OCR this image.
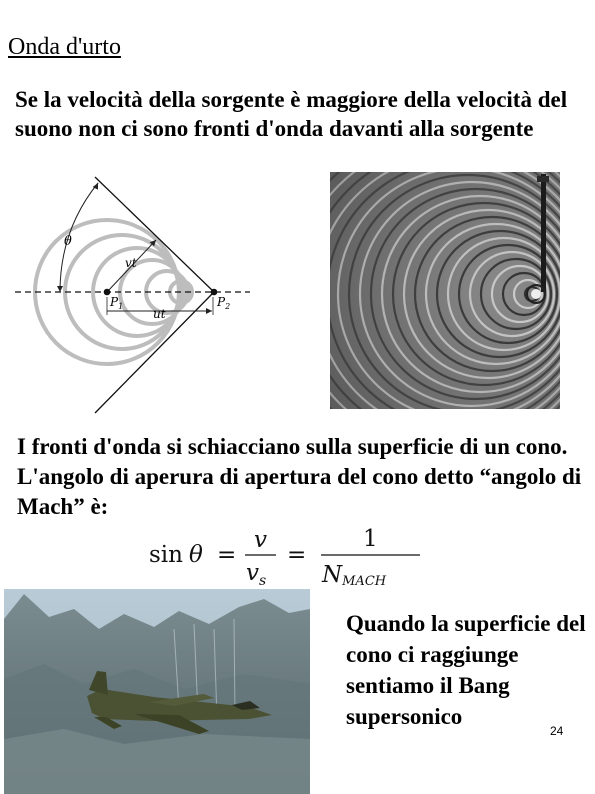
Onda d'urto
Se la velocità della sorgente è maggiore della velocità del suono non ci sono fronti d'onda davanti alla sorgente
θ
vt
ut
$P_1$	$P_2$
I fronti d'onda si schiacciano sulla superficie di un cono. L'angolo di aperura di apertura del cono detto “angolo di Mach” è:
sin θ =
v
$v_s$
=
1
NMACH
Quando la superficie del cono ci raggiunge sentiamo il Bang supersonico
24
